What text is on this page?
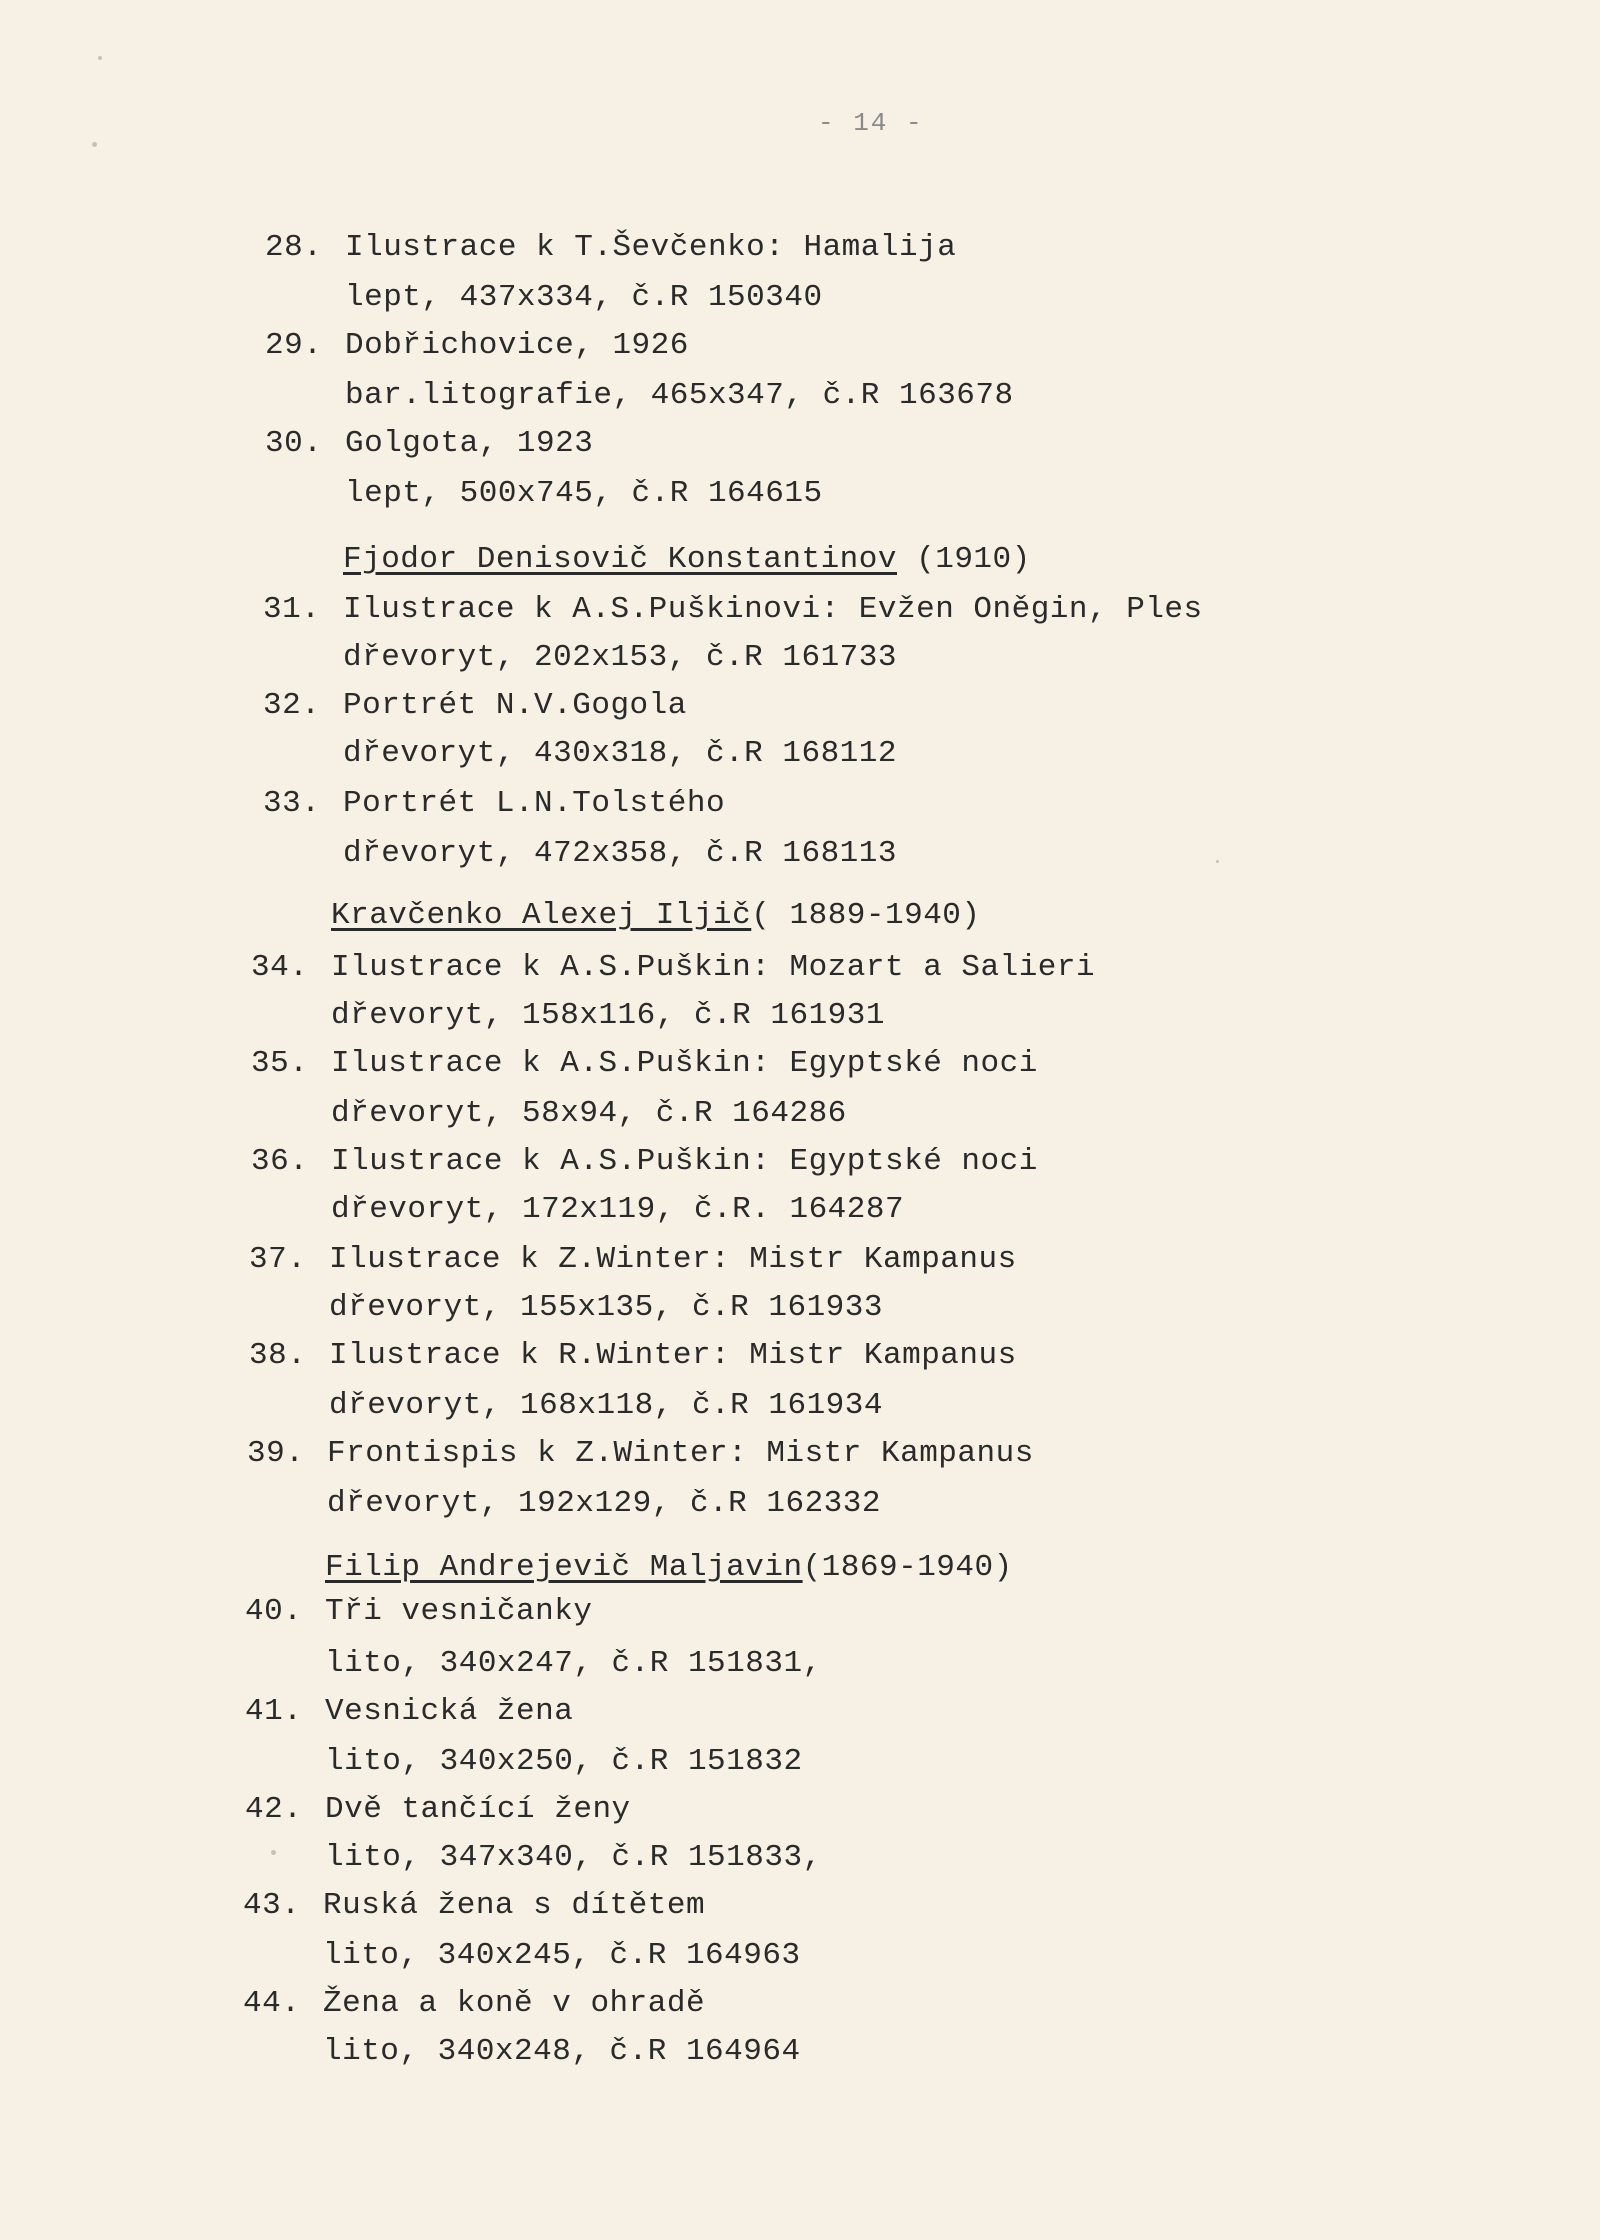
- 14 -
28. Ilustrace k T.Ševčenko: Hamalija
lept, 437x334, č.R 150340
29. Dobřichovice, 1926
bar.litografie, 465x347, č.R 163678
30. Golgota, 1923
lept, 500x745, č.R 164615
Fjodor Denisovič Konstantinov (1910)
31. Ilustrace k A.S.Puškinovi: Evžen Oněgin, Ples
dřevoryt, 202x153, č.R 161733
32. Portrét N.V.Gogola
dřevoryt, 430x318, č.R 168112
33. Portrét L.N.Tolstého
dřevoryt, 472x358, č.R 168113
Kravčenko Alexej Iljič( 1889-1940)
34. Ilustrace k A.S.Puškin: Mozart a Salieri
dřevoryt, 158x116, č.R 161931
35. Ilustrace k A.S.Puškin: Egyptské noci
dřevoryt, 58x94, č.R 164286
36. Ilustrace k A.S.Puškin: Egyptské noci
dřevoryt, 172x119, č.R. 164287
37. Ilustrace k Z.Winter: Mistr Kampanus
dřevoryt, 155x135, č.R 161933
38. Ilustrace k R.Winter: Mistr Kampanus
dřevoryt, 168x118, č.R 161934
39. Frontispis k Z.Winter: Mistr Kampanus
dřevoryt, 192x129, č.R 162332
Filip Andrejevič Maljavin(1869-1940)
40. Tři vesničanky
lito, 340x247, č.R 151831,
41. Vesnická žena
lito, 340x250, č.R 151832
42. Dvě tančící ženy
lito, 347x340, č.R 151833,
43. Ruská žena s dítětem
lito, 340x245, č.R 164963
44. Žena a koně v ohradě
lito, 340x248, č.R 164964
